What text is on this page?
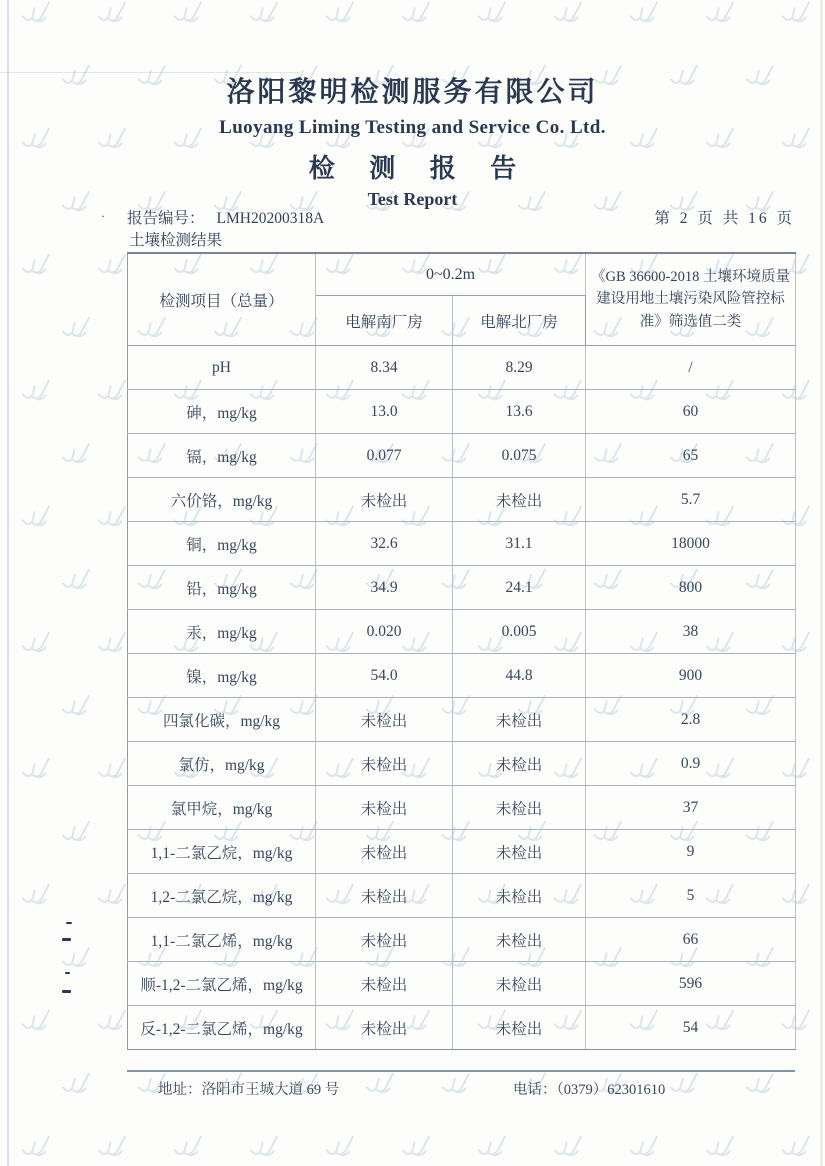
·
洛阳黎明检测服务有限公司
Luoyang Liming Testing and Service Co. Ltd.
检 测 报 告
Test Report
报告编号： LMH20200318A	第 2 页 共 16 页
土壤检测结果
检测项目（总量）	0~0.2m		《GB 36600-2018 土壤环境质量 建设用地土壤污染风险管控标准》筛选值二类
	电解南厂房	电解北厂房	
pH	8.34	8.29	/
砷，mg/kg	13.0	13.6	60
镉，mg/kg	0.077	0.075	65
六价铬，mg/kg	未检出	未检出	5.7
铜，mg/kg	32.6	31.1	18000
铅，mg/kg	34.9	24.1	800
汞，mg/kg	0.020	0.005	38
镍，mg/kg	54.0	44.8	900
四氯化碳，mg/kg	未检出	未检出	2.8
氯仿，mg/kg	未检出	未检出	0.9
氯甲烷，mg/kg	未检出	未检出	37
1,1-二氯乙烷，mg/kg	未检出	未检出	9
1,2-二氯乙烷，mg/kg	未检出	未检出	5
1,1-二氯乙烯，mg/kg	未检出	未检出	66
顺-1,2-二氯乙烯，mg/kg	未检出	未检出	596
反-1,2-二氯乙烯，mg/kg	未检出	未检出	54
地址：洛阳市王城大道 69 号	电话：（0379）62301610
